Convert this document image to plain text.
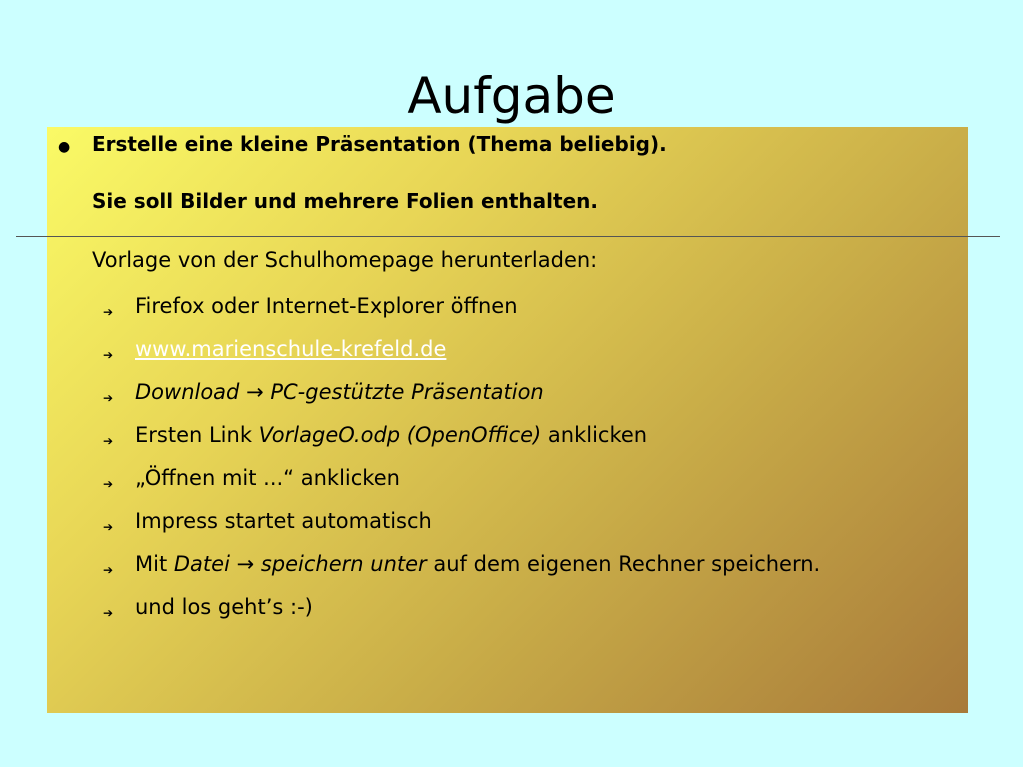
Aufgabe
● Erstelle eine kleine Präsentation (Thema beliebig).
Sie soll Bilder und mehrere Folien enthalten.
Vorlage von der Schulhomepage herunterladen:
➔ Firefox oder Internet-Explorer öffnen
➔ www.marienschule-krefeld.de
➔ Download → PC-gestützte Präsentation
➔ Ersten Link VorlageO.odp (OpenOffice) anklicken
➔ „Öffnen mit ...“ anklicken
➔ Impress startet automatisch
➔ Mit Datei → speichern unter auf dem eigenen Rechner speichern.
➔ und los geht’s :-)
